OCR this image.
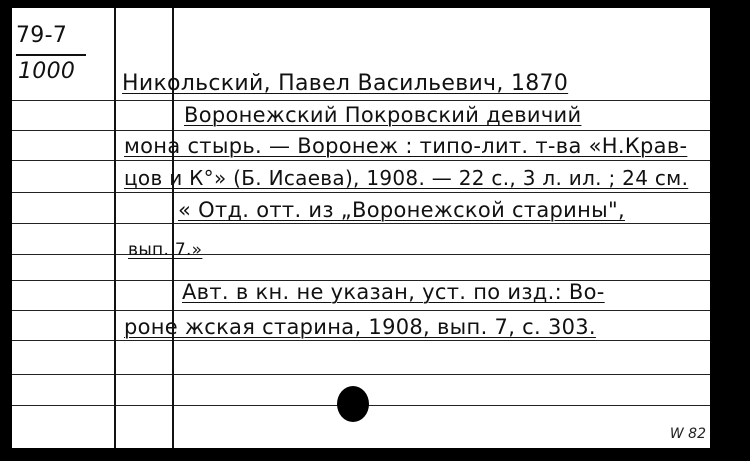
79-7
1000 Никольский, Павел Васильевич, 1870
Воронежский Покровский девичий
мона стырь. — Воронеж : типо-лит. т-ва «Н.Крав-
цов и К°» (Б. Исаева), 1908. — 22 с., 3 л. ил. ; 24 см.
« Отд. отт. из „Воронежской старины",
вып. 7.»
Авт. в кн. не указан, уст. по изд.: Во-
роне жская старина, 1908, вып. 7, с. 303.
W 82
